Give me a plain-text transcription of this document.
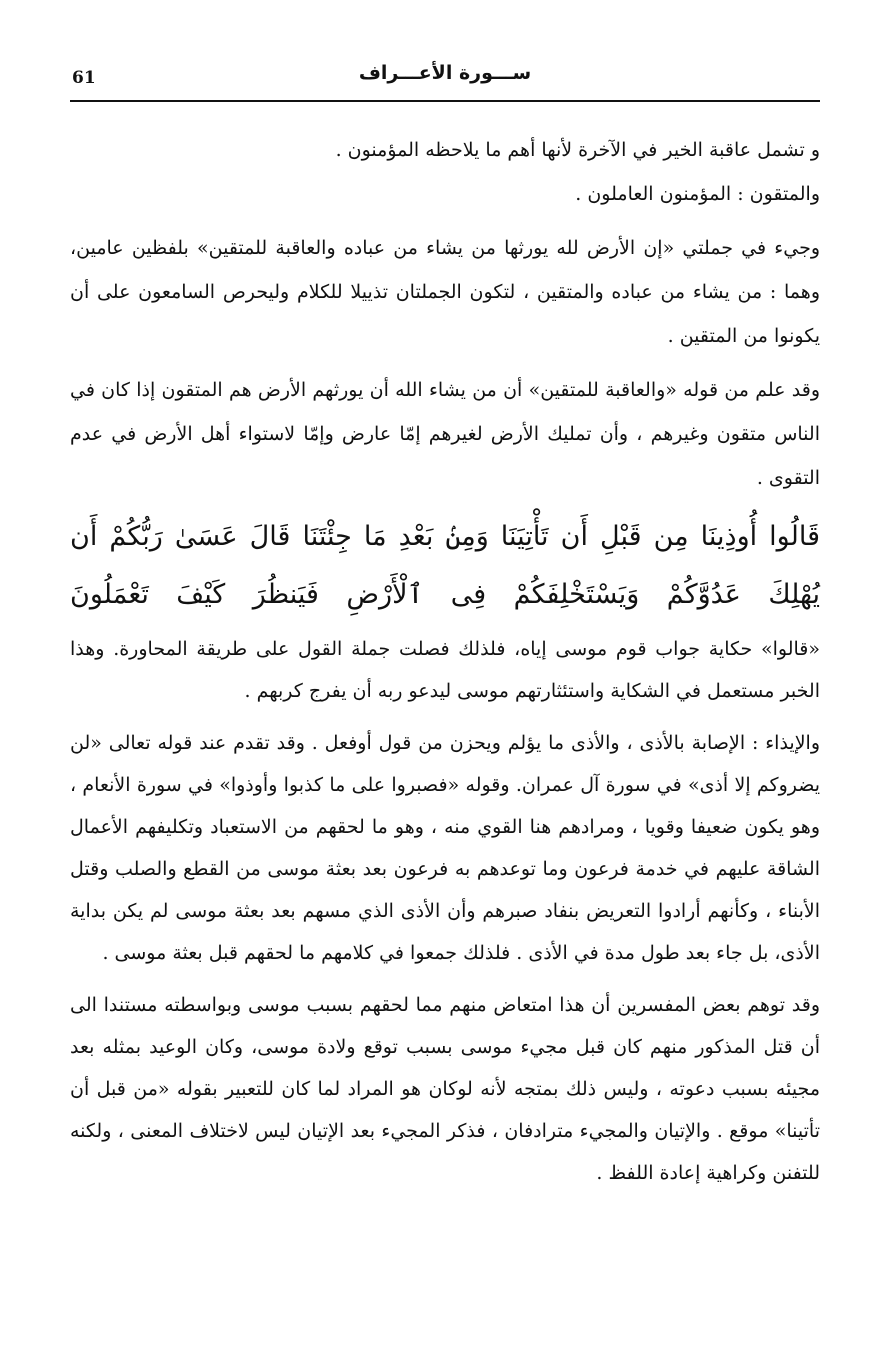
61	ســـورة الأعـــراف

و تشمل عاقبة الخير في الآخرة لأنها أهم ما يلاحظه المؤمنون .

والمتقون : المؤمنون العاملون .

وجيء في جملتي «إن الأرض لله يورثها من يشاء من عباده والعاقبة للمتقين» بلفظين عامين، وهما : من يشاء من عباده والمتقين ، لتكون الجملتان تذييلا للكلام وليحرص السامعون على أن يكونوا من المتقين .

وقد علم من قوله «والعاقبة للمتقين» أن من يشاء الله أن يورثهم الأرض هم المتقون إذا كان في الناس متقون وغيرهم ، وأن تمليك الأرض لغيرهم إمّا عارض وإمّا لاستواء أهل الأرض في عدم التقوى .

قَالُوا أُوذِينَا مِن قَبْلِ أَن تَأْتِيَنَا وَمِنۢ بَعْدِ مَا جِئْتَنَا قَالَ عَسَىٰ رَبُّكُمْ أَن يُهْلِكَ عَدُوَّكُمْ وَيَسْتَخْلِفَكُمْ فِى ٱلْأَرْضِ فَيَنظُرَ كَيْفَ تَعْمَلُونَ

«قالوا» حكاية جواب قوم موسى إياه، فلذلك فصلت جملة القول على طريقة المحاورة. وهذا الخبر مستعمل في الشكاية واستئثارتهم موسى ليدعو ربه أن يفرج كربهم .

والإيذاء : الإصابة بالأذى ، والأذى ما يؤلم ويحزن من قول أوفعل . وقد تقدم عند قوله تعالى «لن يضروكم إلا أذى» في سورة آل عمران. وقوله «فصبروا على ما كذبوا وأوذوا» في سورة الأنعام ، وهو يكون ضعيفا وقويا ، ومرادهم هنا القوي منه ، وهو ما لحقهم من الاستعباد وتكليفهم الأعمال الشاقة عليهم في خدمة فرعون وما توعدهم به فرعون بعد بعثة موسى من القطع والصلب وقتل الأبناء ، وكأنهم أرادوا التعريض بنفاد صبرهم وأن الأذى الذي مسهم بعد بعثة موسى لم يكن بداية الأذى، بل جاء بعد طول مدة في الأذى . فلذلك جمعوا في كلامهم ما لحقهم قبل بعثة موسى .

وقد توهم بعض المفسرين أن هذا امتعاض منهم مما لحقهم بسبب موسى وبواسطته مستندا الى أن قتل المذكور منهم كان قبل مجيء موسى بسبب توقع ولادة موسى، وكان الوعيد بمثله بعد مجيئه بسبب دعوته ، وليس ذلك بمتجه لأنه لوكان هو المراد لما كان للتعبير بقوله «من قبل أن تأتينا» موقع . والإتيان والمجيء مترادفان ، فذكر المجيء بعد الإتيان ليس لاختلاف المعنى ، ولكنه للتفنن وكراهية إعادة اللفظ .
